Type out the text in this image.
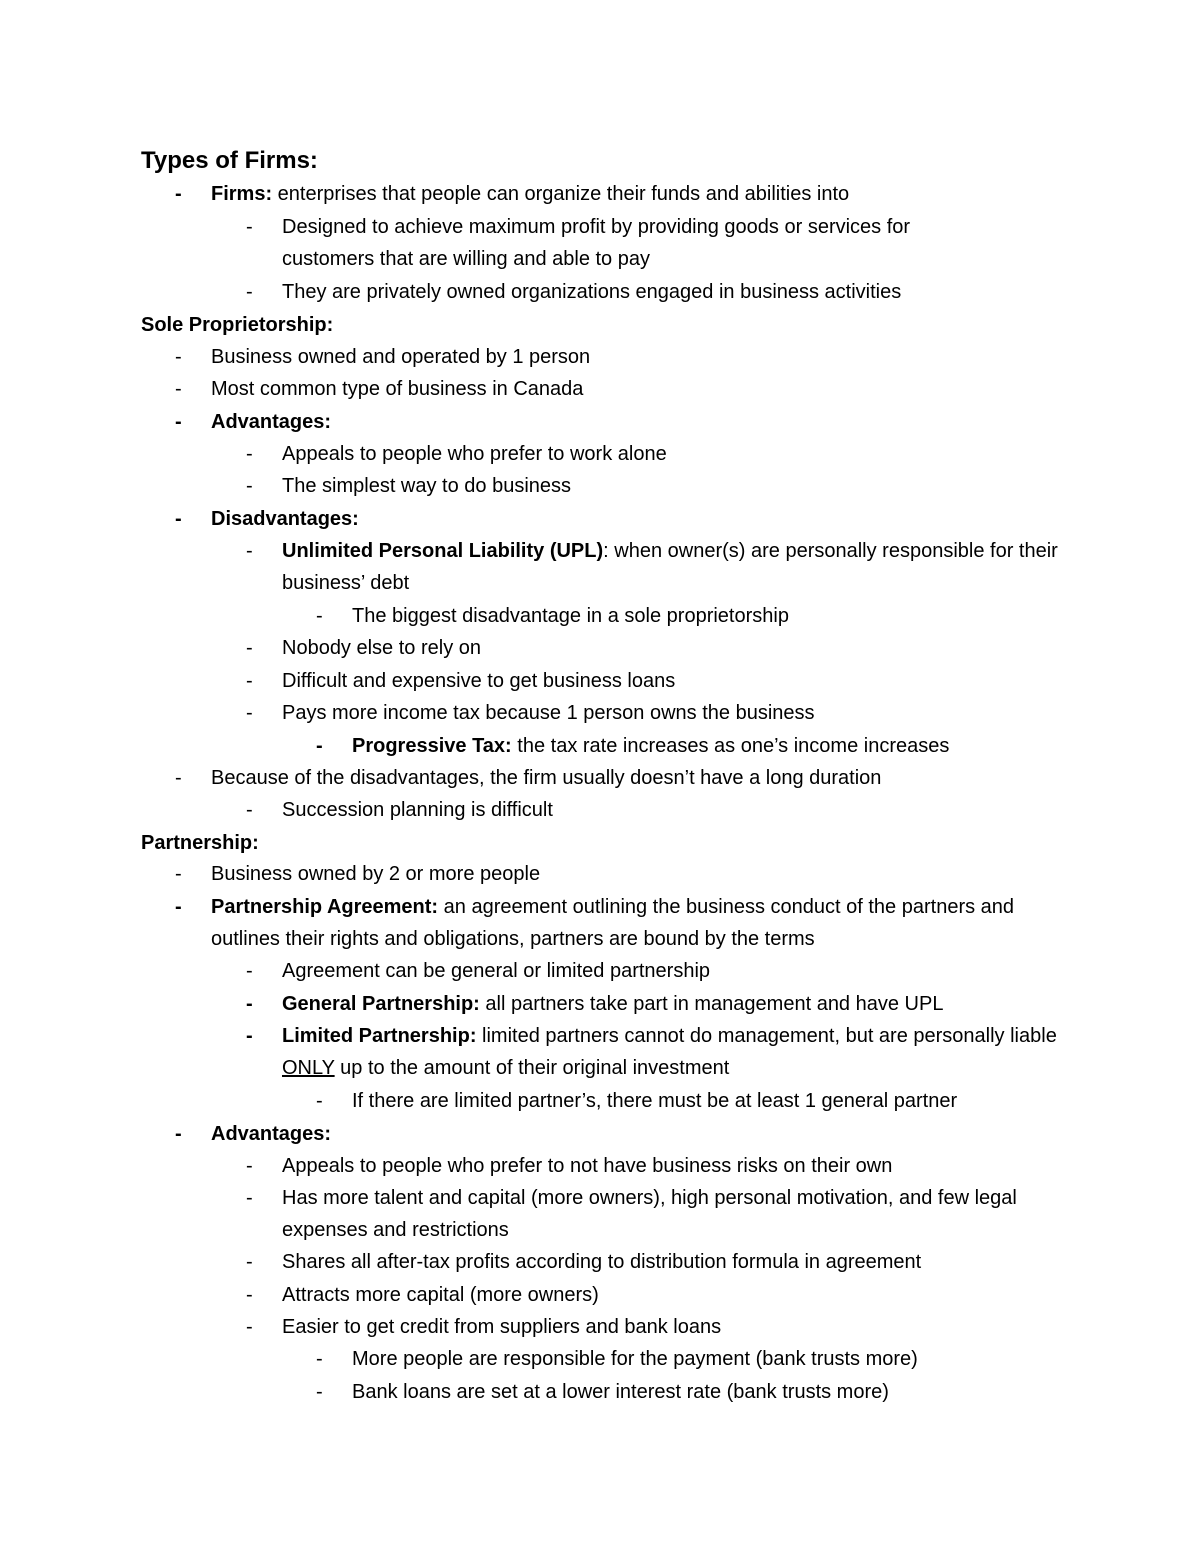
Types of Firms:
- Firms: enterprises that people can organize their funds and abilities into
- Designed to achieve maximum profit by providing goods or services for customers that are willing and able to pay
- They are privately owned organizations engaged in business activities
Sole Proprietorship:
- Business owned and operated by 1 person
- Most common type of business in Canada
- Advantages:
- Appeals to people who prefer to work alone
- The simplest way to do business
- Disadvantages:
- Unlimited Personal Liability (UPL): when owner(s) are personally responsible for their business’ debt
- The biggest disadvantage in a sole proprietorship
- Nobody else to rely on
- Difficult and expensive to get business loans
- Pays more income tax because 1 person owns the business
- Progressive Tax: the tax rate increases as one’s income increases
- Because of the disadvantages, the firm usually doesn’t have a long duration
- Succession planning is difficult
Partnership:
- Business owned by 2 or more people
- Partnership Agreement: an agreement outlining the business conduct of the partners and outlines their rights and obligations, partners are bound by the terms
- Agreement can be general or limited partnership
- General Partnership: all partners take part in management and have UPL
- Limited Partnership: limited partners cannot do management, but are personally liable ONLY up to the amount of their original investment
- If there are limited partner’s, there must be at least 1 general partner
- Advantages:
- Appeals to people who prefer to not have business risks on their own
- Has more talent and capital (more owners), high personal motivation, and few legal expenses and restrictions
- Shares all after-tax profits according to distribution formula in agreement
- Attracts more capital (more owners)
- Easier to get credit from suppliers and bank loans
- More people are responsible for the payment (bank trusts more)
- Bank loans are set at a lower interest rate (bank trusts more)
